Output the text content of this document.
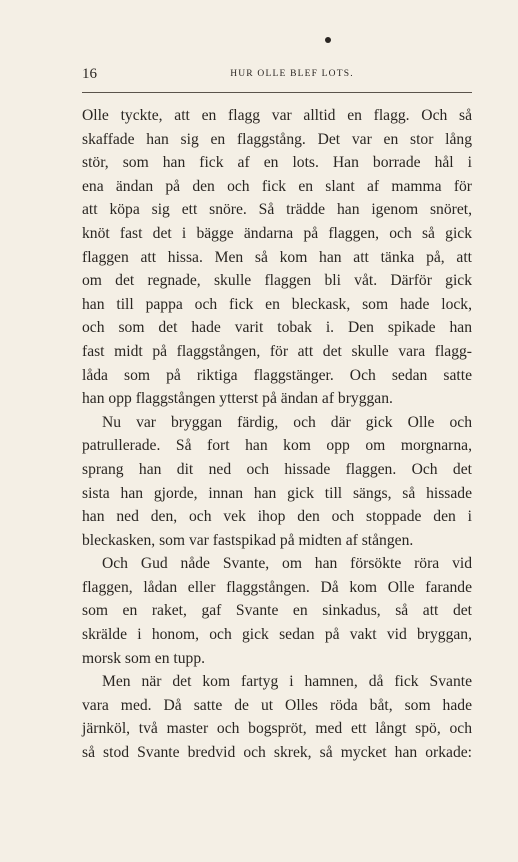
16	HUR OLLE BLEF LOTS.
Olle tyckte, att en flagg var alltid en flagg. Och så
skaffade han sig en flaggstång. Det var en stor lång
stör, som han fick af en lots. Han borrade hål i
ena ändan på den och fick en slant af mamma för
att köpa sig ett snöre. Så trädde han igenom snöret,
knöt fast det i bägge ändarna på flaggen, och så gick
flaggen att hissa. Men så kom han att tänka på, att
om det regnade, skulle flaggen bli våt. Därför gick
han till pappa och fick en bleckask, som hade lock,
och som det hade varit tobak i. Den spikade han
fast midt på flaggstången, för att det skulle vara flagg-
låda som på riktiga flaggstänger. Och sedan satte
han opp flaggstången ytterst på ändan af bryggan.
Nu var bryggan färdig, och där gick Olle och
patrullerade. Så fort han kom opp om morgnarna,
sprang han dit ned och hissade flaggen. Och det
sista han gjorde, innan han gick till sängs, så hissade
han ned den, och vek ihop den och stoppade den i
bleckasken, som var fastspikad på midten af stången.
Och Gud nåde Svante, om han försökte röra vid
flaggen, lådan eller flaggstången. Då kom Olle farande
som en raket, gaf Svante en sinkadus, så att det
skrälde i honom, och gick sedan på vakt vid bryggan,
morsk som en tupp.
Men när det kom fartyg i hamnen, då fick Svante
vara med. Då satte de ut Olles röda båt, som hade
järnköl, två master och bogspröt, med ett långt spö, och
så stod Svante bredvid och skrek, så mycket han orkade:
